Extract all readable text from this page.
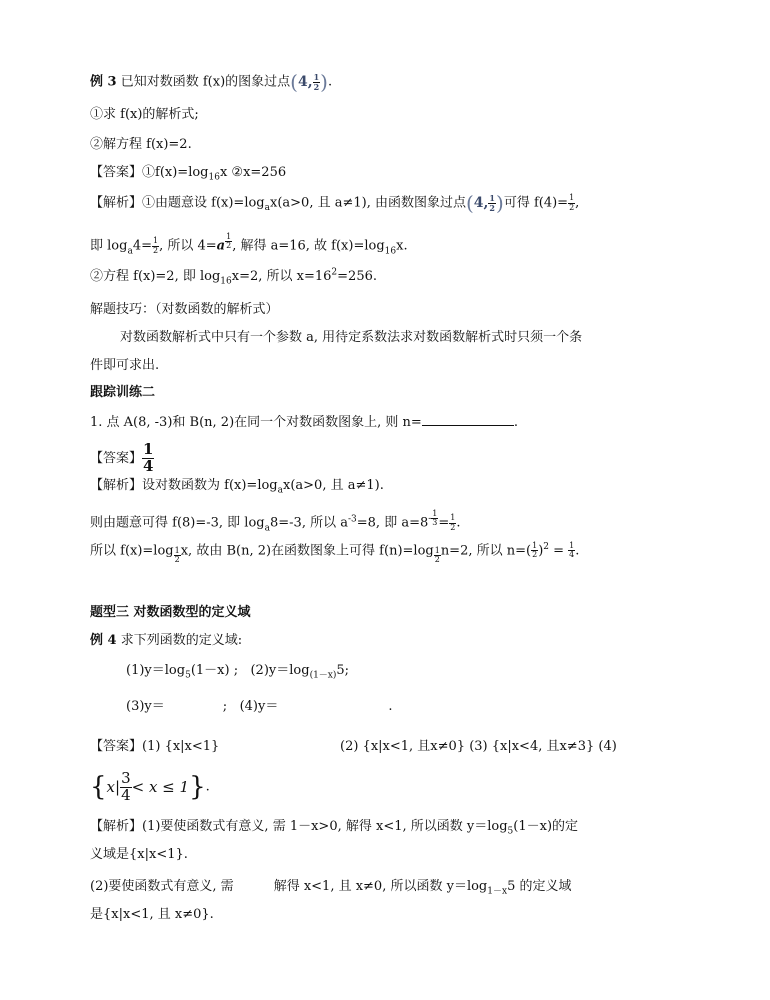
例 3 已知对数函数 f(x)的图象过点(4, $\frac{1}{2}$ ).
①求 f(x)的解析式;
②解方程 f(x)=2.
【答案】$①f(x)=\log_{16}x$ ②x=256
【解析】①由题意设 $f(x)=\log_ax(a>0$, 且 a≠1), 由函数图象过点(4, $\frac{1}{2}$ )可得 $f(4)= \frac{1}{2}$ ,
即 $\log_a4= \frac{1}{2}$ , 所以 4=a $^{\frac{1}{2}}$ , 解得 a=16, 故 $f(x)=\log_{16}x$.
②方程 f(x)=2, 即 $\log_{16}x=2$, 所以 $x=16^2=256$.
解题技巧：（对数函数的解析式）
对数函数解析式中只有一个参数 a, 用待定系数法求对数函数解析式时只须一个条
件即可求出.
跟踪训练二
1. 点 A(8, -3)和 B(n, 2)在同一个对数函数图象上, 则 n=	.
【答案】 $\frac{1}{4}$
【解析】设对数函数为 $f(x)=\log_ax(a>0$, 且 a≠1).
则由题意可得 f(8)=-3, 即 $\log_a8=-3$, 所以 $a^{-3}=8$, 即 $a=8^{- \frac{1}{3}} = \frac{1}{2}$ .
所以 f(x)=log $_{\frac{1}{2}}$ x, 故由 B(n, 2)在函数图象上可得 f(n)=log $_{\frac{1}{2}}$ n=2, 所以 $n=( \frac{1}{2} )^2 = \frac{1}{4}$ .
题型三 对数函数型的定义域
例 4 求下列函数的定义域:
$(1)y=\log_5(1-x)$ ; $(2)y=\log_{(1-x)}5$;
(3)y＝	; (4)y＝	.
【答案】(1) {x|x<1}	(2) {x|x<1, 且x≠0} (3) {x|x<4, 且x≠3} (4)
$\{x| \frac{3}{4} < x \le 1\}$.
【解析】(1)要使函数式有意义, 需 1－x>0, 解得 x<1, 所以函数 $y=\log_5(1-x)$的定
义域是{x|x<1}.
(2)要使函数式有意义, 需	解得 x<1, 且 x≠0, 所以函数 $y=\log_{1-x}5$ 的定义域
是{x|x<1, 且 x≠0}.
